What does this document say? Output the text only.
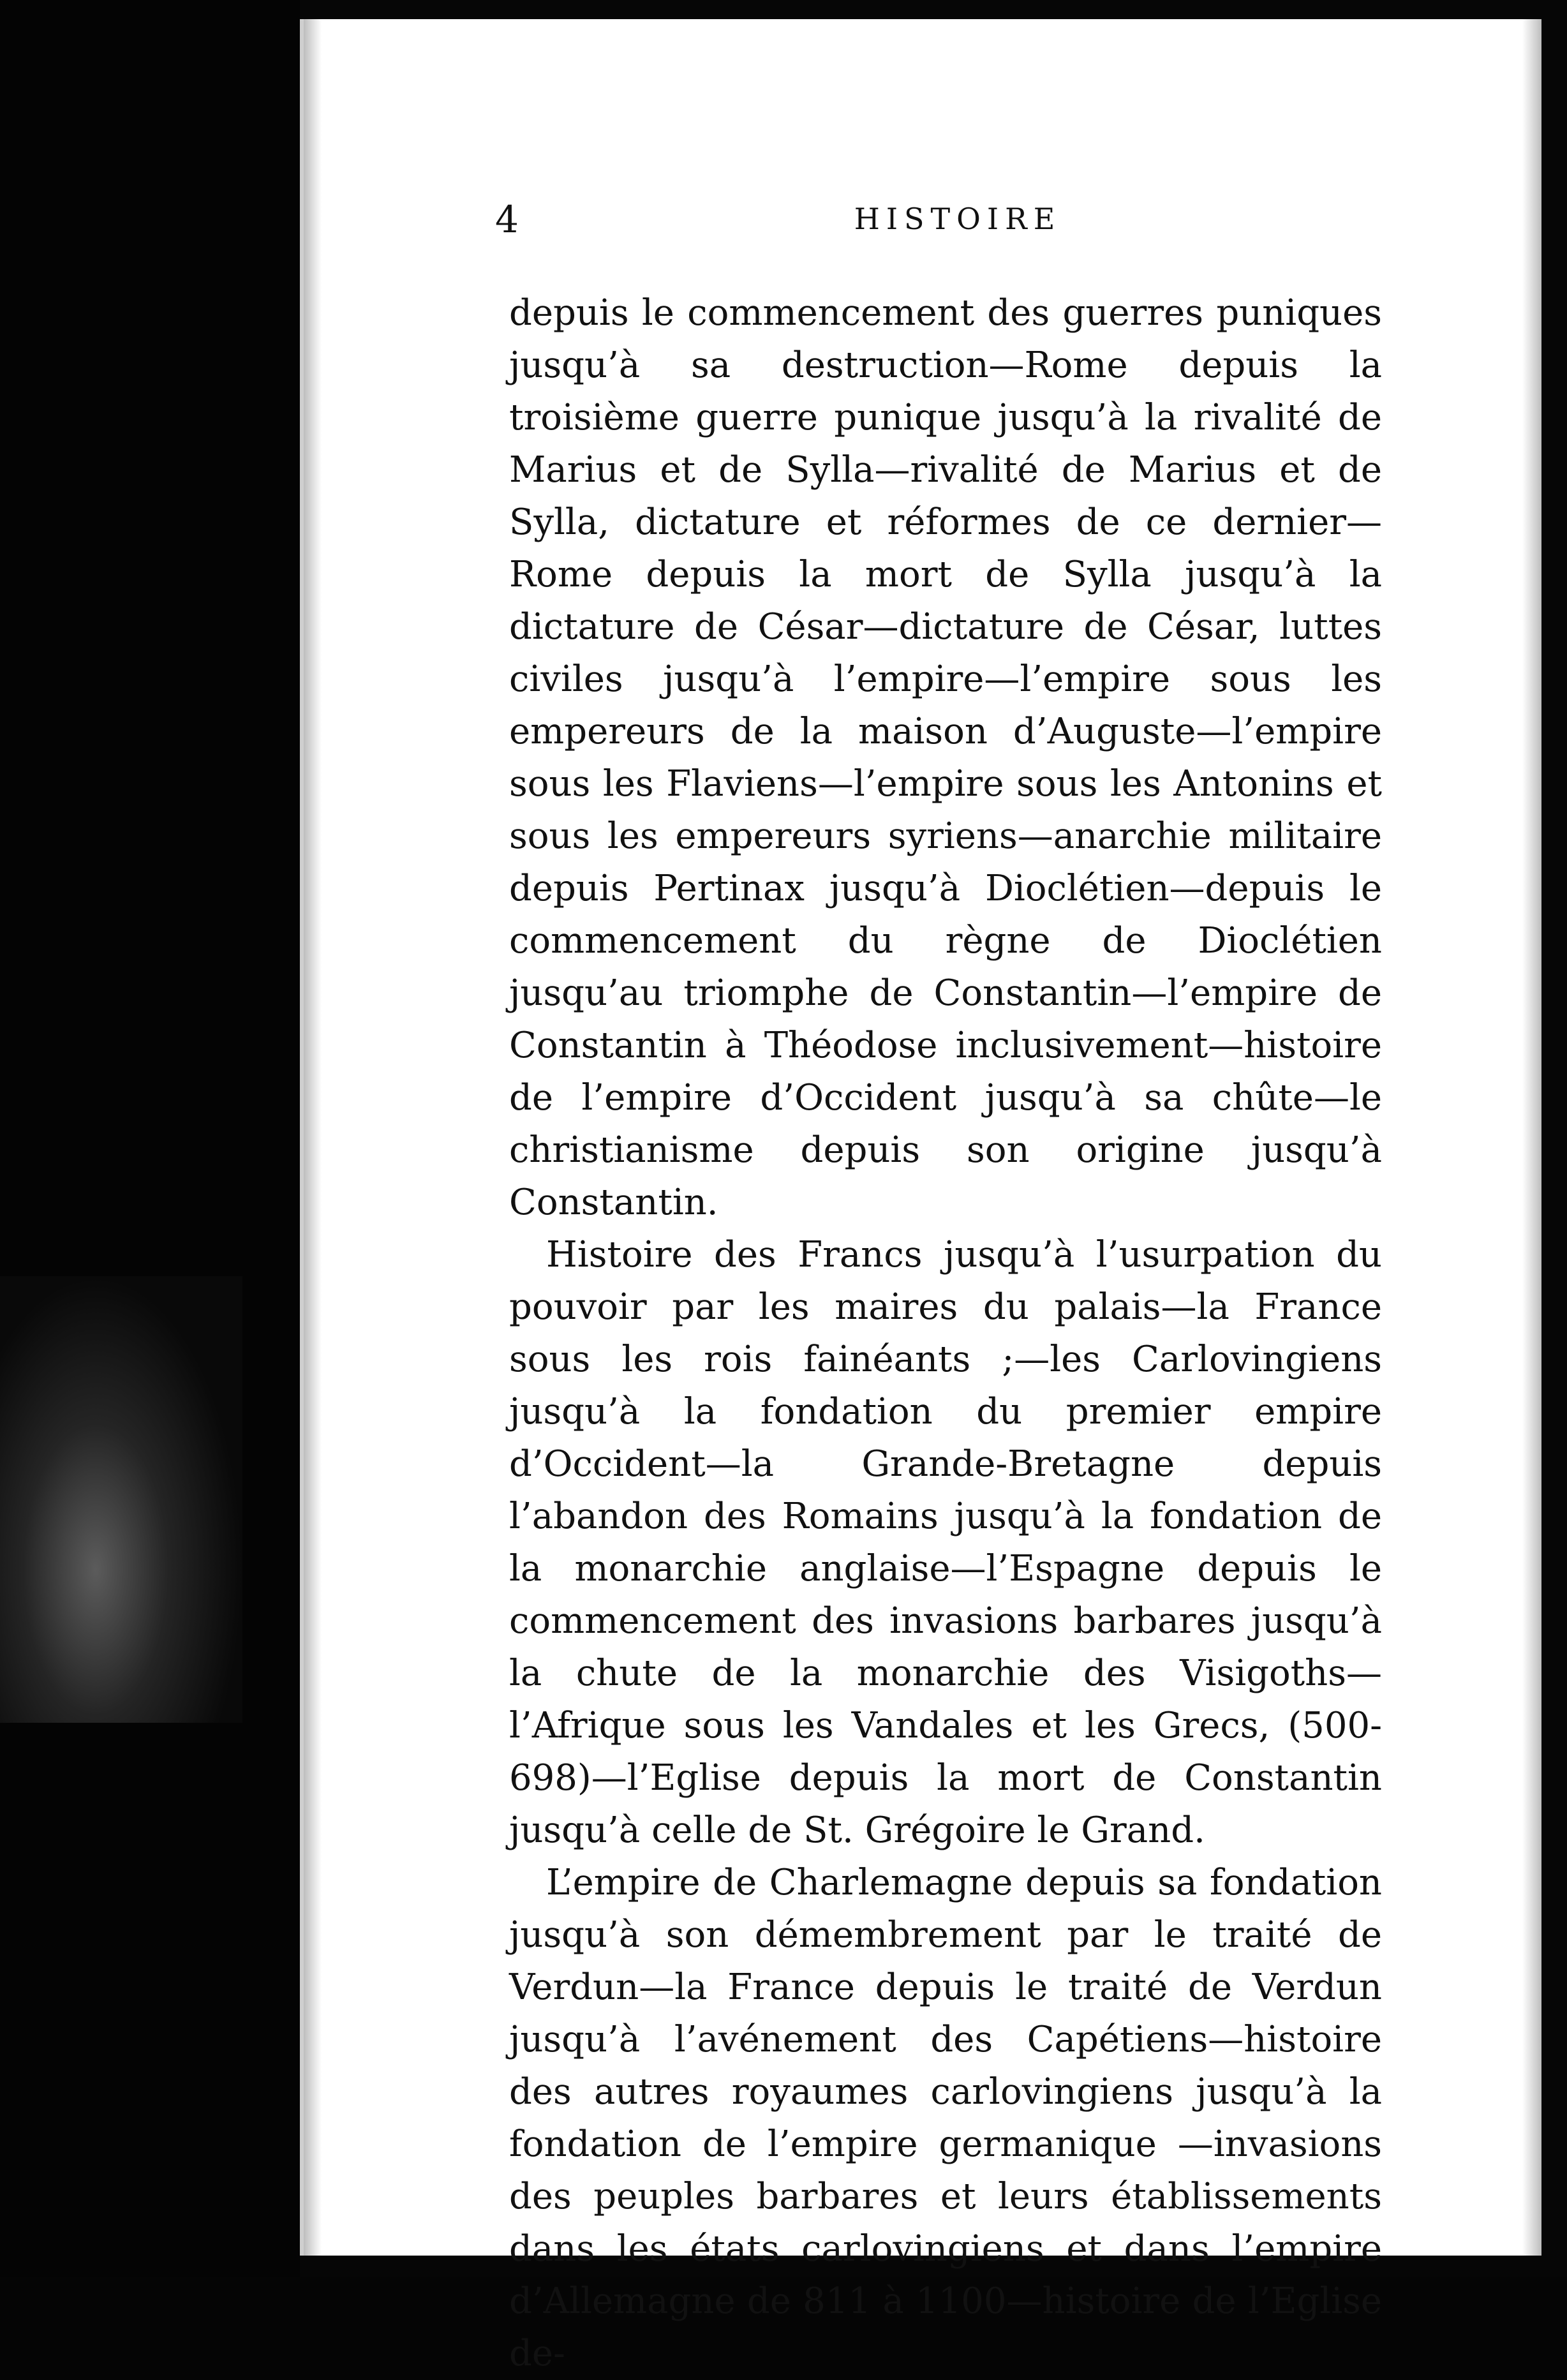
4	HISTOIRE

depuis le commencement des guerres puniques jusqu’à sa destruction—Rome depuis la troisième guerre punique jusqu’à la rivalité de Marius et de Sylla—rivalité de Marius et de Sylla, dictature et réformes de ce dernier—Rome depuis la mort de Sylla jusqu’à la dictature de César—dictature de César, luttes civiles jusqu’à l’empire—l’empire sous les empereurs de la maison d’Auguste—l’empire sous les Flaviens—l’empire sous les Antonins et sous les empereurs syriens—anarchie militaire depuis Pertinax jusqu’à Dioclétien—depuis le commencement du règne de Dioclétien jusqu’au triomphe de Constantin—l’empire de Constantin à Théodose inclusivement—histoire de l’empire d’Occident jusqu’à sa chûte—le christianisme depuis son origine jusqu’à Constantin.

Histoire des Francs jusqu’à l’usurpation du pouvoir par les maires du palais—la France sous les rois fainéants ;—les Carlovingiens jusqu’à la fondation du premier empire d’Occident—la Grande-Bretagne depuis l’abandon des Romains jusqu’à la fondation de la monarchie anglaise—l’Espagne depuis le commencement des invasions barbares jusqu’à la chute de la monarchie des Visigoths—l’Afrique sous les Vandales et les Grecs, (500-698)—l’Eglise depuis la mort de Constantin jusqu’à celle de St. Grégoire le Grand.

L’empire de Charlemagne depuis sa fondation jusqu’à son démembrement par le traité de Verdun—la France depuis le traité de Verdun jusqu’à l’avénement des Capétiens—histoire des autres royaumes carlovingiens jusqu’à la fondation de l’empire germanique —invasions des peuples barbares et leurs établissements dans les états carlovingiens et dans l’empire d’Allemagne de 811 à 1100—histoire de l’Eglise de-
